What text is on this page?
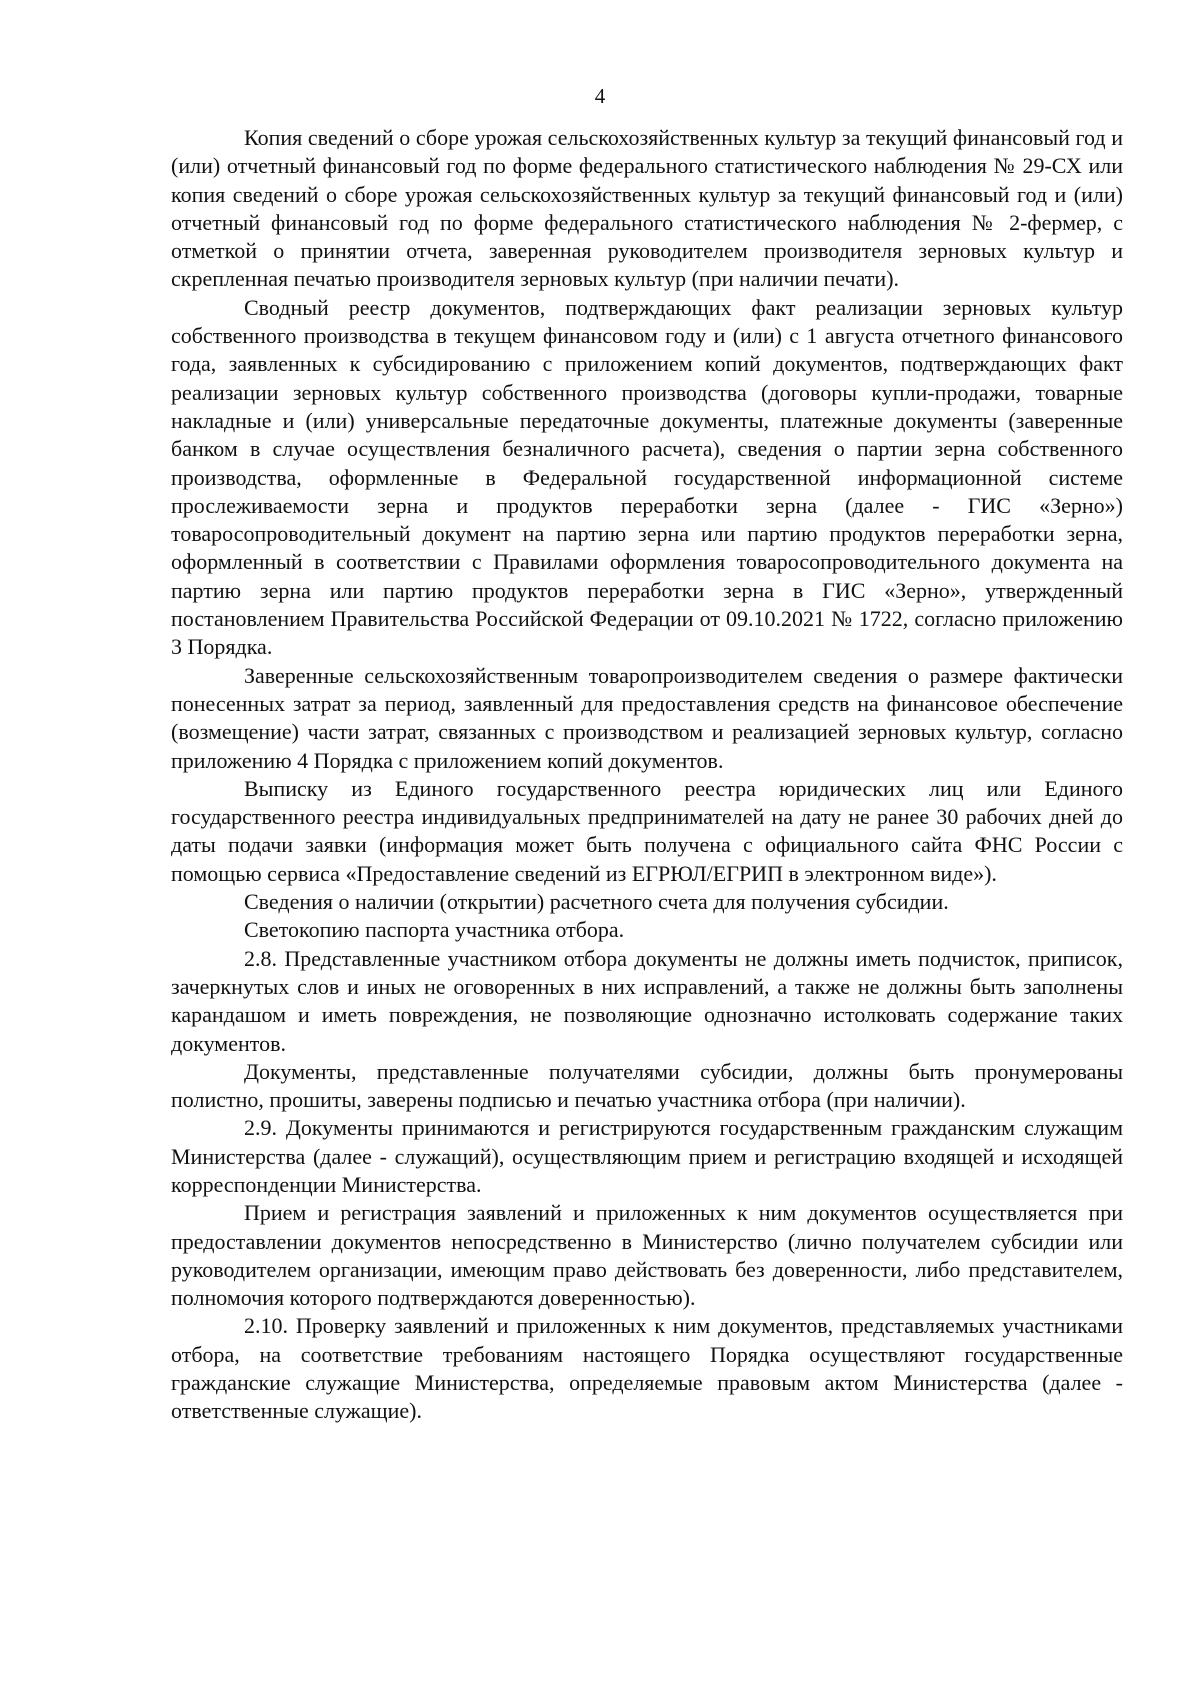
4

Копия сведений о сборе урожая сельскохозяйственных культур за текущий финансовый год и (или) отчетный финансовый год по форме федерального статистического наблюдения № 29-СХ или копия сведений о сборе урожая сельскохозяйственных культур за текущий финансовый год и (или) отчетный финансовый год по форме федерального статистического наблюдения № 2-фермер, с отметкой о принятии отчета, заверенная руководителем производителя зерновых культур и скрепленная печатью производителя зерновых культур (при наличии печати).

Сводный реестр документов, подтверждающих факт реализации зерновых культур собственного производства в текущем финансовом году и (или) с 1 августа отчетного финансового года, заявленных к субсидированию с приложением копий документов, подтверждающих факт реализации зерновых культур собственного производства (договоры купли-продажи, товарные накладные и (или) универсальные передаточные документы, платежные документы (заверенные банком в случае осуществления безналичного расчета), сведения о партии зерна собственного производства, оформленные в Федеральной государственной информационной системе прослеживаемости зерна и продуктов переработки зерна (далее - ГИС «Зерно») товаросопроводительный документ на партию зерна или партию продуктов переработки зерна, оформленный в соответствии с Правилами оформления товаросопроводительного документа на партию зерна или партию продуктов переработки зерна в ГИС «Зерно», утвержденный постановлением Правительства Российской Федерации от 09.10.2021 № 1722, согласно приложению 3 Порядка.

Заверенные сельскохозяйственным товаропроизводителем сведения о размере фактически понесенных затрат за период, заявленный для предоставления средств на финансовое обеспечение (возмещение) части затрат, связанных с производством и реализацией зерновых культур, согласно приложению 4 Порядка с приложением копий документов.

Выписку из Единого государственного реестра юридических лиц или Единого государственного реестра индивидуальных предпринимателей на дату не ранее 30 рабочих дней до даты подачи заявки (информация может быть получена с официального сайта ФНС России с помощью сервиса «Предоставление сведений из ЕГРЮЛ/ЕГРИП в электронном виде»).

Сведения о наличии (открытии) расчетного счета для получения субсидии.

Светокопию паспорта участника отбора.

2.8. Представленные участником отбора документы не должны иметь подчисток, приписок, зачеркнутых слов и иных не оговоренных в них исправлений, а также не должны быть заполнены карандашом и иметь повреждения, не позволяющие однозначно истолковать содержание таких документов.

Документы, представленные получателями субсидии, должны быть пронумерованы полистно, прошиты, заверены подписью и печатью участника отбора (при наличии).

2.9. Документы принимаются и регистрируются государственным гражданским служащим Министерства (далее - служащий), осуществляющим прием и регистрацию входящей и исходящей корреспонденции Министерства.

Прием и регистрация заявлений и приложенных к ним документов осуществляется при предоставлении документов непосредственно в Министерство (лично получателем субсидии или руководителем организации, имеющим право действовать без доверенности, либо представителем, полномочия которого подтверждаются доверенностью).

2.10. Проверку заявлений и приложенных к ним документов, представляемых участниками отбора, на соответствие требованиям настоящего Порядка осуществляют государственные гражданские служащие Министерства, определяемые правовым актом Министерства (далее - ответственные служащие).
